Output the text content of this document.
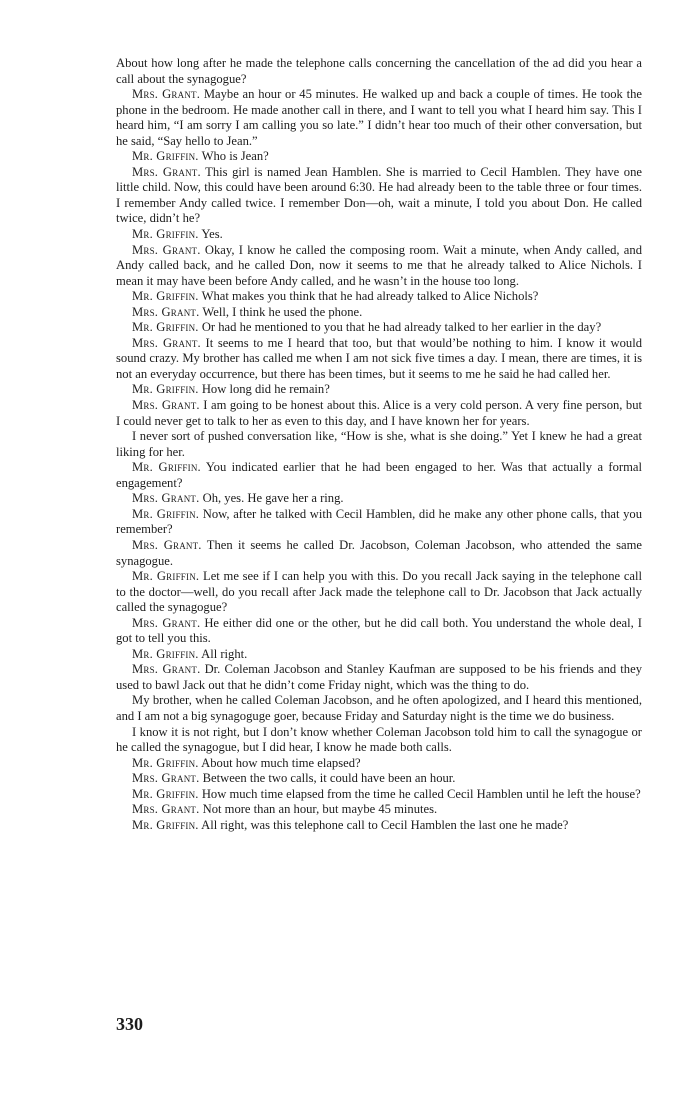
About how long after he made the telephone calls concerning the cancellation of the ad did you hear a call about the synagogue?

Mrs. Grant. Maybe an hour or 45 minutes. He walked up and back a couple of times. He took the phone in the bedroom. He made another call in there, and I want to tell you what I heard him say. This I heard him, “I am sorry I am calling you so late.” I didn’t hear too much of their other conversation, but he said, “Say hello to Jean.”

Mr. Griffin. Who is Jean?

Mrs. Grant. This girl is named Jean Hamblen. She is married to Cecil Hamblen. They have one little child. Now, this could have been around 6:30. He had already been to the table three or four times. I remember Andy called twice. I remember Don—oh, wait a minute, I told you about Don. He called twice, didn’t he?

Mr. Griffin. Yes.

Mrs. Grant. Okay, I know he called the composing room. Wait a minute, when Andy called, and Andy called back, and he called Don, now it seems to me that he already talked to Alice Nichols. I mean it may have been before Andy called, and he wasn’t in the house too long.

Mr. Griffin. What makes you think that he had already talked to Alice Nichols?

Mrs. Grant. Well, I think he used the phone.

Mr. Griffin. Or had he mentioned to you that he had already talked to her earlier in the day?

Mrs. Grant. It seems to me I heard that too, but that would’be nothing to him. I know it would sound crazy. My brother has called me when I am not sick five times a day. I mean, there are times, it is not an everyday occurrence, but there has been times, but it seems to me he said he had called her.

Mr. Griffin. How long did he remain?

Mrs. Grant. I am going to be honest about this. Alice is a very cold person. A very fine person, but I could never get to talk to her as even to this day, and I have known her for years.

I never sort of pushed conversation like, “How is she, what is she doing.” Yet I knew he had a great liking for her.

Mr. Griffin. You indicated earlier that he had been engaged to her. Was that actually a formal engagement?

Mrs. Grant. Oh, yes. He gave her a ring.

Mr. Griffin. Now, after he talked with Cecil Hamblen, did he make any other phone calls, that you remember?

Mrs. Grant. Then it seems he called Dr. Jacobson, Coleman Jacobson, who attended the same synagogue.

Mr. Griffin. Let me see if I can help you with this. Do you recall Jack saying in the telephone call to the doctor—well, do you recall after Jack made the telephone call to Dr. Jacobson that Jack actually called the synagogue?

Mrs. Grant. He either did one or the other, but he did call both. You understand the whole deal, I got to tell you this.

Mr. Griffin. All right.

Mrs. Grant. Dr. Coleman Jacobson and Stanley Kaufman are supposed to be his friends and they used to bawl Jack out that he didn’t come Friday night, which was the thing to do.

My brother, when he called Coleman Jacobson, and he often apologized, and I heard this mentioned, and I am not a big synagoguge goer, because Friday and Saturday night is the time we do business.

I know it is not right, but I don’t know whether Coleman Jacobson told him to call the synagogue or he called the synagogue, but I did hear, I know he made both calls.

Mr. Griffin. About how much time elapsed?

Mrs. Grant. Between the two calls, it could have been an hour.

Mr. Griffin. How much time elapsed from the time he called Cecil Hamblen until he left the house?

Mrs. Grant. Not more than an hour, but maybe 45 minutes.

Mr. Griffin. All right, was this telephone call to Cecil Hamblen the last one he made?

330
